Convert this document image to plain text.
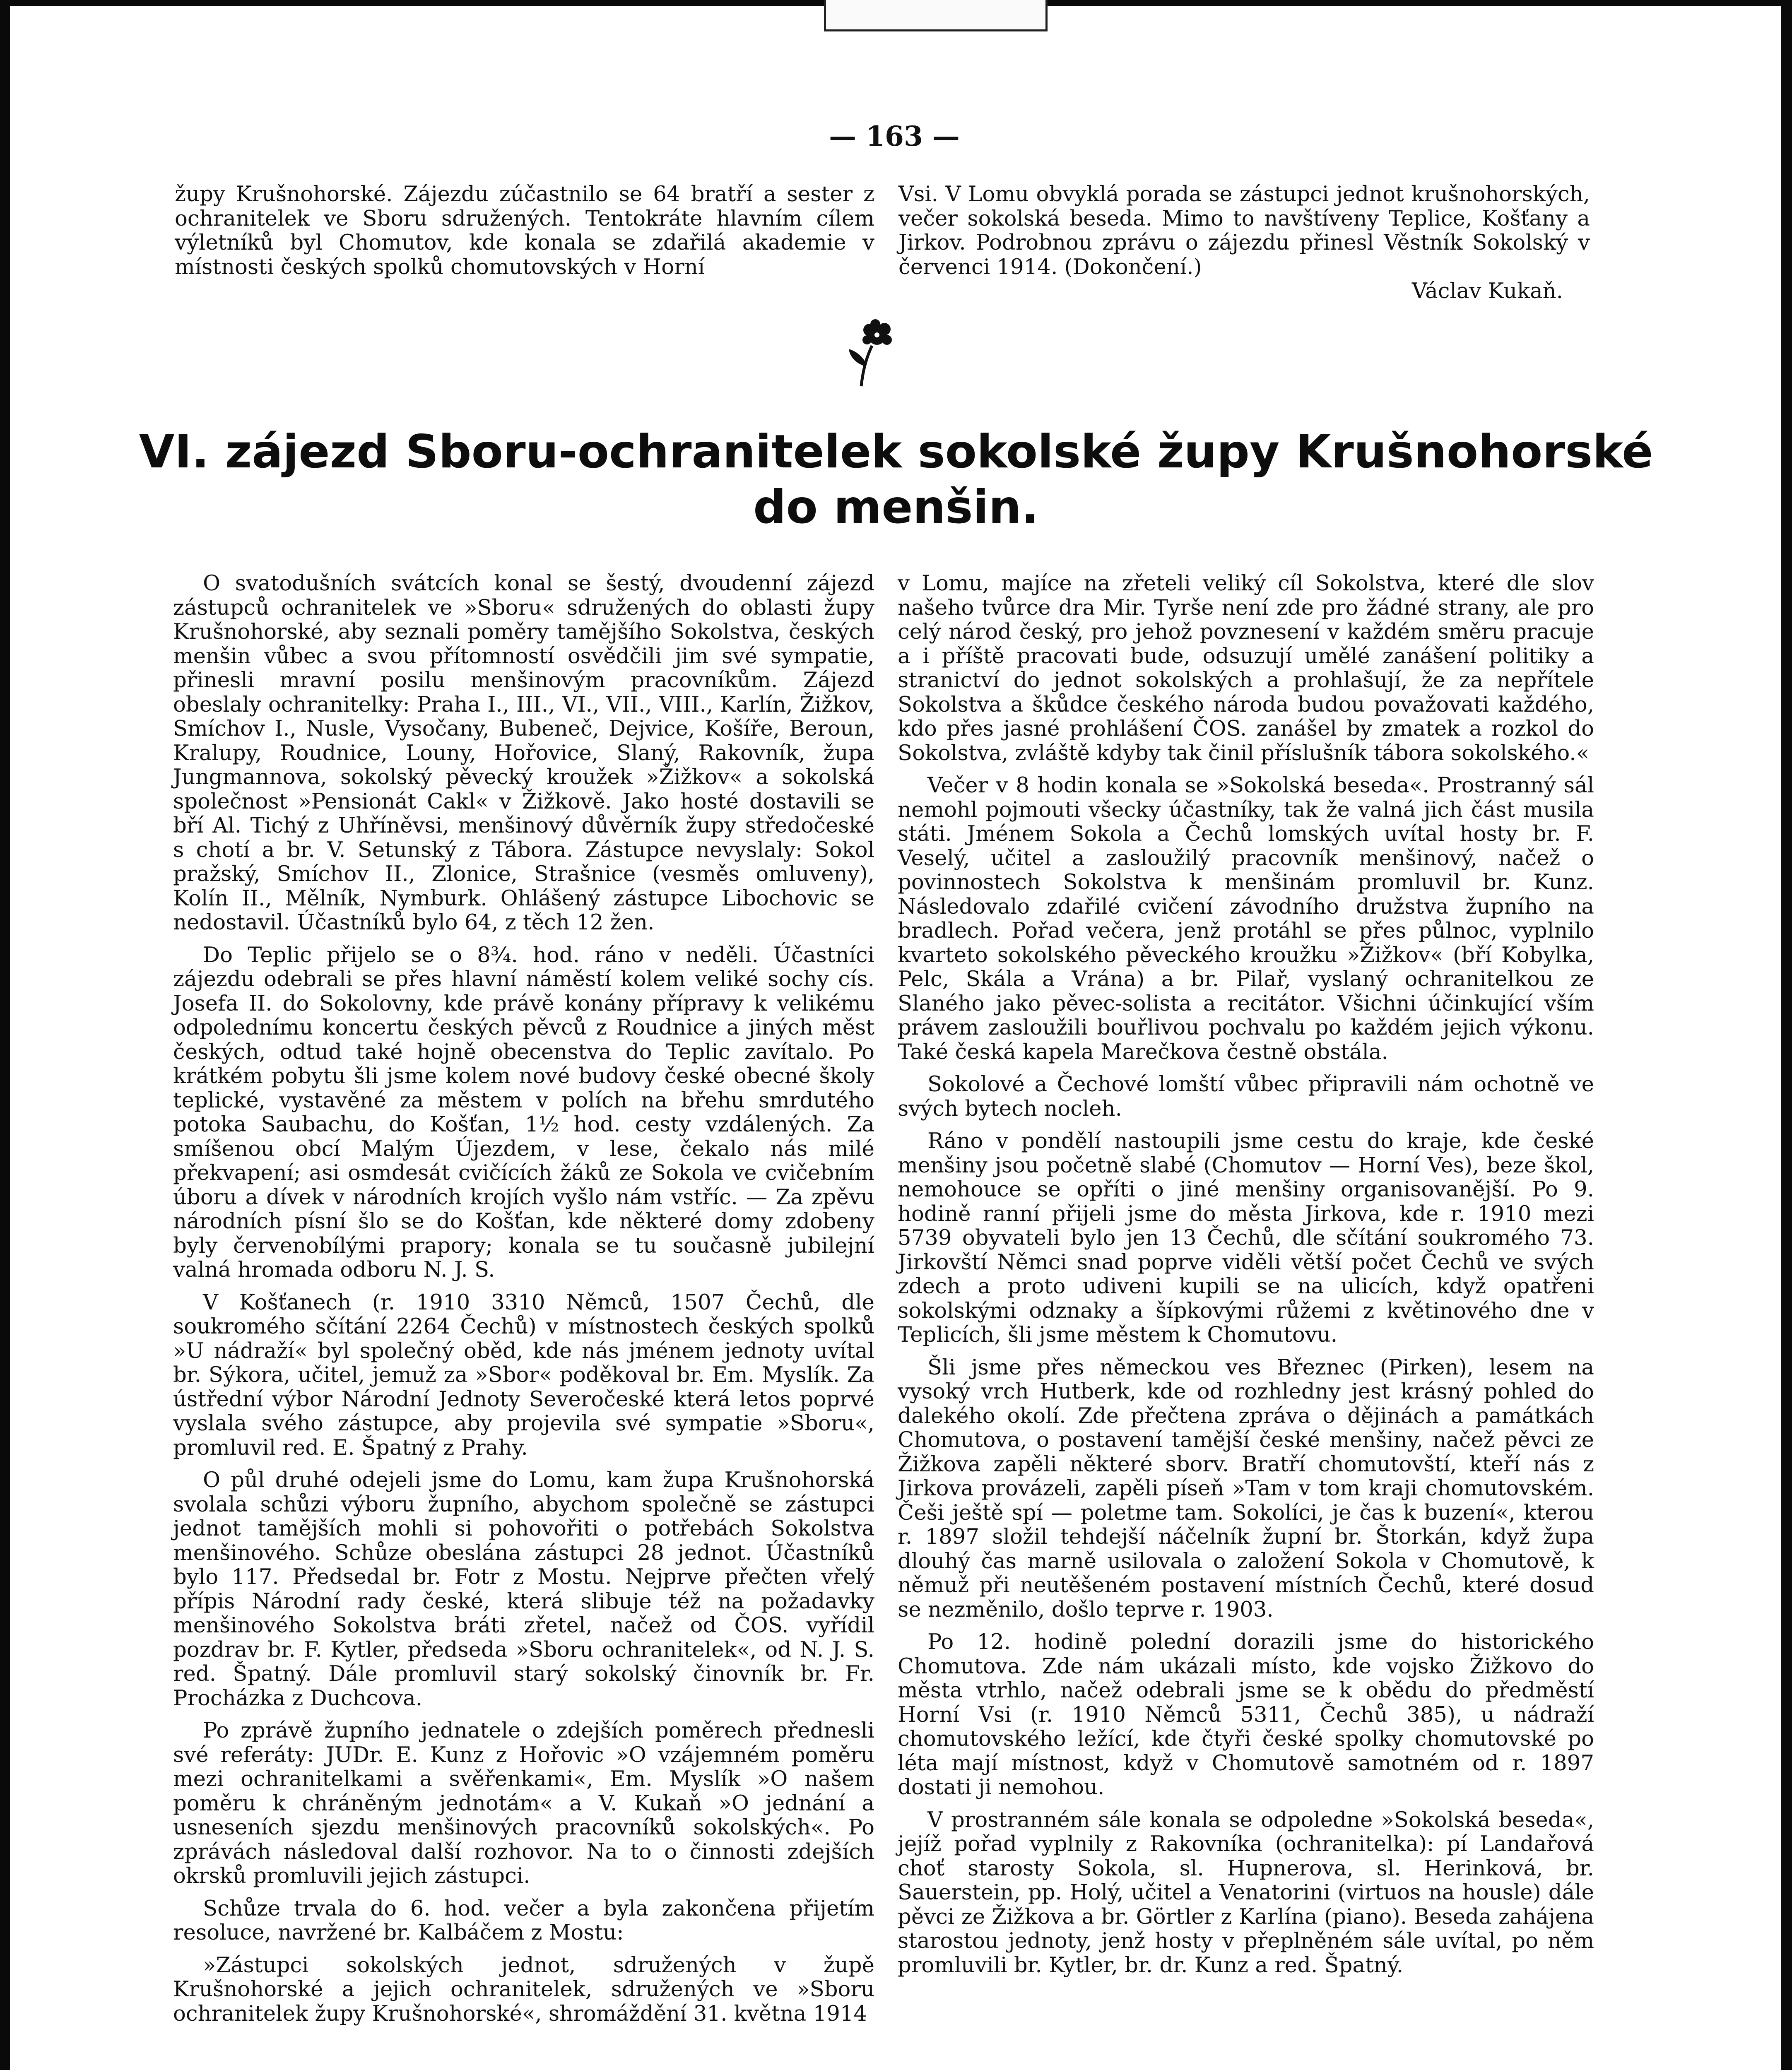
— 163 —

župy Krušnohorské. Zájezdu zúčastnilo se 64 bratří a sester z ochranitelek ve Sboru sdružených. Tentokráte hlavním cílem výletníků byl Chomutov, kde konala se zdařilá akademie v místnosti českých spolků chomutovských v Horní

Vsi. V Lomu obvyklá porada se zástupci jednot krušnohorských, večer sokolská beseda. Mimo to navštíveny Teplice, Košťany a Jirkov. Podrobnou zprávu o zájezdu přinesl Věstník Sokolský v červenci 1914. (Dokončení.)

Václav Kukaň.
VI. zájezd Sboru-ochranitelek sokolské župy Krušnohorské do menšin.

O svatodušních svátcích konal se šestý, dvoudenní zájezd zástupců ochranitelek ve »Sboru« sdružených do oblasti župy Krušnohorské, aby seznali poměry tamějšího Sokolstva, českých menšin vůbec a svou přítomností osvědčili jim své sympatie, přinesli mravní posilu menšinovým pracovníkům. Zájezd obeslaly ochranitelky: Praha I., III., VI., VII., VIII., Karlín, Žižkov, Smíchov I., Nusle, Vysočany, Bubeneč, Dejvice, Košíře, Beroun, Kralupy, Roudnice, Louny, Hořovice, Slaný, Rakovník, župa Jungmannova, sokolský pěvecký kroužek »Žižkov« a sokolská společnost »Pensionát Cakl« v Žižkově. Jako hosté dostavili se bří Al. Tichý z Uhříněvsi, menšinový důvěrník župy středočeské s chotí a br. V. Setunský z Tábora. Zástupce nevyslaly: Sokol pražský, Smíchov II., Zlonice, Strašnice (vesměs omluveny), Kolín II., Mělník, Nymburk. Ohlášený zástupce Libochovic se nedostavil. Účastníků bylo 64, z těch 12 žen.

Do Teplic přijelo se o 8¾. hod. ráno v neděli. Účastníci zájezdu odebrali se přes hlavní náměstí kolem veliké sochy cís. Josefa II. do Sokolovny, kde právě konány přípravy k velikému odpolednímu koncertu českých pěvců z Roudnice a jiných měst českých, odtud také hojně obecenstva do Teplic zavítalo. Po krátkém pobytu šli jsme kolem nové budovy české obecné školy teplické, vystavěné za městem v polích na břehu smrdutého potoka Saubachu, do Košťan, 1½ hod. cesty vzdálených. Za smíšenou obcí Malým Újezdem, v lese, čekalo nás milé překvapení; asi osmdesát cvičících žáků ze Sokola ve cvičebním úboru a dívek v národních krojích vyšlo nám vstříc. — Za zpěvu národních písní šlo se do Košťan, kde některé domy zdobeny byly červenobílými prapory; konala se tu současně jubilejní valná hromada odboru N. J. S.

V Košťanech (r. 1910 3310 Němců, 1507 Čechů, dle soukromého sčítání 2264 Čechů) v místnostech českých spolků »U nádraží« byl společný oběd, kde nás jménem jednoty uvítal br. Sýkora, učitel, jemuž za »Sbor« poděkoval br. Em. Myslík. Za ústřední výbor Národní Jednoty Severočeské která letos poprvé vyslala svého zástupce, aby projevila své sympatie »Sboru«, promluvil red. E. Špatný z Prahy.

O půl druhé odejeli jsme do Lomu, kam župa Krušnohorská svolala schůzi výboru župního, abychom společně se zástupci jednot tamějších mohli si pohovořiti o potřebách Sokolstva menšinového. Schůze obeslána zástupci 28 jednot. Účastníků bylo 117. Předsedal br. Fotr z Mostu. Nejprve přečten vřelý přípis Národní rady české, která slibuje též na požadavky menšinového Sokolstva bráti zřetel, načež od ČOS. vyřídil pozdrav br. F. Kytler, předseda »Sboru ochranitelek«, od N. J. S. red. Špatný. Dále promluvil starý sokolský činovník br. Fr. Procházka z Duchcova.

Po zprávě župního jednatele o zdejších poměrech přednesli své referáty: JUDr. E. Kunz z Hořovic »O vzájemném poměru mezi ochranitelkami a svěřenkami«, Em. Myslík »O našem poměru k chráněným jednotám« a V. Kukaň »O jednání a usneseních sjezdu menšinových pracovníků sokolských«. Po zprávách následoval další rozhovor. Na to o činnosti zdejších okrsků promluvili jejich zástupci.

Schůze trvala do 6. hod. večer a byla zakončena přijetím resoluce, navržené br. Kalbáčem z Mostu:

»Zástupci sokolských jednot, sdružených v župě Krušnohorské a jejich ochranitelek, sdružených ve »Sboru ochranitelek župy Krušnohorské«, shromáždění 31. května 1914

v Lomu, majíce na zřeteli veliký cíl Sokolstva, které dle slov našeho tvůrce dra Mir. Tyrše není zde pro žádné strany, ale pro celý národ český, pro jehož povznesení v každém směru pracuje a i příště pracovati bude, odsuzují umělé zanášení politiky a stranictví do jednot sokolských a prohlašují, že za nepřítele Sokolstva a škůdce českého národa budou považovati každého, kdo přes jasné prohlášení ČOS. zanášel by zmatek a rozkol do Sokolstva, zvláště kdyby tak činil příslušník tábora sokolského.«

Večer v 8 hodin konala se »Sokolská beseda«. Prostranný sál nemohl pojmouti všecky účastníky, tak že valná jich část musila státi. Jménem Sokola a Čechů lomských uvítal hosty br. F. Veselý, učitel a zasloužilý pracovník menšinový, načež o povinnostech Sokolstva k menšinám promluvil br. Kunz. Následovalo zdařilé cvičení závodního družstva župního na bradlech. Pořad večera, jenž protáhl se přes půlnoc, vyplnilo kvarteto sokolského pěveckého kroužku »Žižkov« (bří Kobylka, Pelc, Skála a Vrána) a br. Pilař, vyslaný ochranitelkou ze Slaného jako pěvec-solista a recitátor. Všichni účinkující vším právem zasloužili bouřlivou pochvalu po každém jejich výkonu. Také česká kapela Marečkova čestně obstála.

Sokolové a Čechové lomští vůbec připravili nám ochotně ve svých bytech nocleh.

Ráno v pondělí nastoupili jsme cestu do kraje, kde české menšiny jsou početně slabé (Chomutov — Horní Ves), beze škol, nemohouce se opříti o jiné menšiny organisovanější. Po 9. hodině ranní přijeli jsme do města Jirkova, kde r. 1910 mezi 5739 obyvateli bylo jen 13 Čechů, dle sčítání soukromého 73. Jirkovští Němci snad poprve viděli větší počet Čechů ve svých zdech a proto udiveni kupili se na ulicích, když opatřeni sokolskými odznaky a šípkovými růžemi z květinového dne v Teplicích, šli jsme městem k Chomutovu.

Šli jsme přes německou ves Březnec (Pirken), lesem na vysoký vrch Hutberk, kde od rozhledny jest krásný pohled do dalekého okolí. Zde přečtena zpráva o dějinách a památkách Chomutova, o postavení tamější české menšiny, načež pěvci ze Žižkova zapěli některé sborv. Bratří chomutovští, kteří nás z Jirkova provázeli, zapěli píseň »Tam v tom kraji chomutovském. Češi ještě spí — poletme tam. Sokolíci, je čas k buzení«, kterou r. 1897 složil tehdejší náčelník župní br. Štorkán, když župa dlouhý čas marně usilovala o založení Sokola v Chomutově, k němuž při neutěšeném postavení místních Čechů, které dosud se nezměnilo, došlo teprve r. 1903.

Po 12. hodině polední dorazili jsme do historického Chomutova. Zde nám ukázali místo, kde vojsko Žižkovo do města vtrhlo, načež odebrali jsme se k obědu do předměstí Horní Vsi (r. 1910 Němců 5311, Čechů 385), u nádraží chomutovského ležící, kde čtyři české spolky chomutovské po léta mají místnost, když v Chomutově samotném od r. 1897 dostati ji nemohou.

V prostranném sále konala se odpoledne »Sokolská beseda«, jejíž pořad vyplnily z Rakovníka (ochranitelka): pí Landařová choť starosty Sokola, sl. Hupnerova, sl. Herinková, br. Sauerstein, pp. Holý, učitel a Venatorini (virtuos na housle) dále pěvci ze Žižkova a br. Görtler z Karlína (piano). Beseda zahájena starostou jednoty, jenž hosty v přeplněném sále uvítal, po něm promluvili br. Kytler, br. dr. Kunz a red. Špatný.
